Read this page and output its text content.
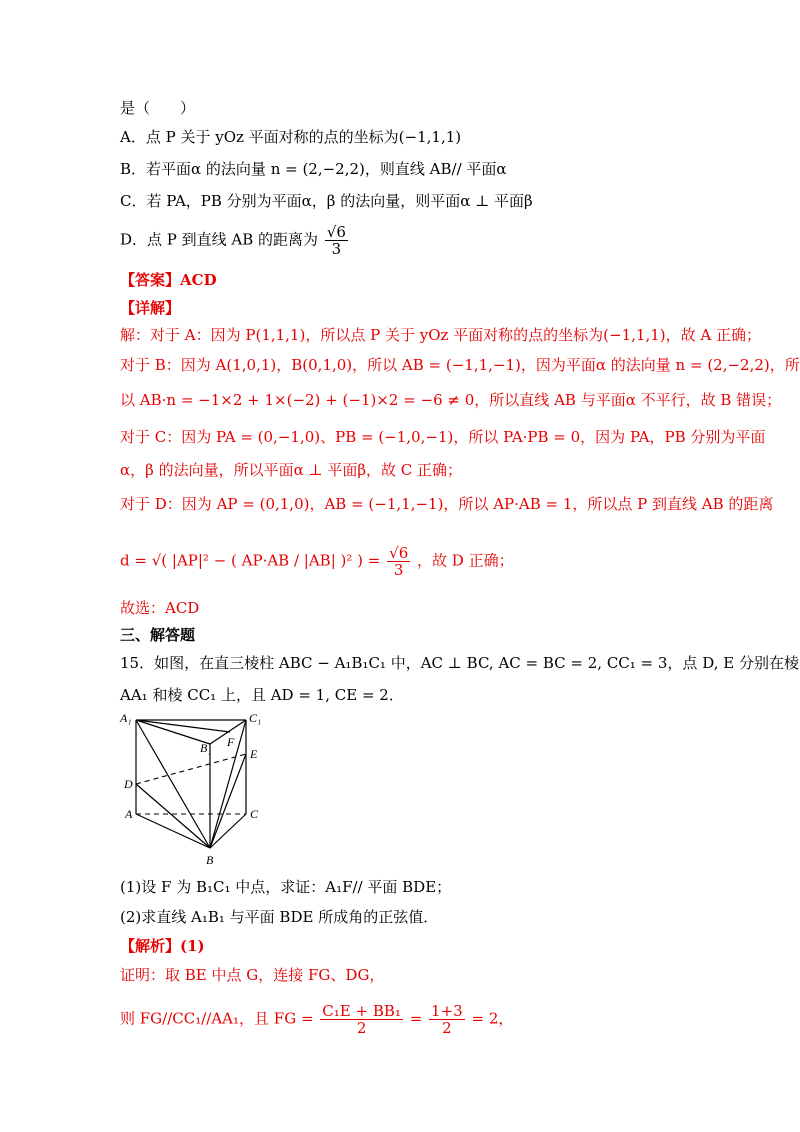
是（　　）
A．点 P 关于 yOz 平面对称的点的坐标为(−1,1,1)
B．若平面α 的法向量 n = (2,−2,2)，则直线 AB// 平面α
C．若 PA，PB 分别为平面α，β 的法向量，则平面α ⊥ 平面β
D．点 P 到直线 AB 的距离为 $\frac{√6}{3}$
【答案】ACD
【详解】
解：对于 A：因为 P(1,1,1)，所以点 P 关于 yOz 平面对称的点的坐标为(−1,1,1)，故 A 正确；
对于 B：因为 A(1,0,1)，B(0,1,0)，所以 AB = (−1,1,−1)，因为平面α 的法向量 n = (2,−2,2)，所
以 AB·n = −1×2 + 1×(−2) + (−1)×2 = −6 ≠ 0，所以直线 AB 与平面α 不平行，故 B 错误；
对于 C：因为 PA = (0,−1,0)、PB = (−1,0,−1)，所以 PA·PB = 0，因为 PA，PB 分别为平面
α，β 的法向量，所以平面α ⊥ 平面β，故 C 正确；
对于 D：因为 AP = (0,1,0)，AB = (−1,1,−1)，所以 AP·AB = 1，所以点 P 到直线 AB 的距离
d = √( |AP|² − ( AP·AB / |AB| )² ) = $\frac{√6}{3}$ ，故 D 正确；
故选：ACD
三、解答题
15．如图，在直三棱柱 ABC − A₁B₁C₁ 中，AC ⊥ BC, AC = BC = 2, CC₁ = 3，点 D, E 分别在棱
AA₁ 和棱 CC₁ 上，且 AD = 1, CE = 2．
A₁	C₁
B₁ F
E
D
A	C
B
(1)设 F 为 B₁C₁ 中点，求证：A₁F// 平面 BDE；
(2)求直线 A₁B₁ 与平面 BDE 所成角的正弦值．
【解析】(1)
证明：取 BE 中点 G，连接 FG、DG，
则 FG//CC₁//AA₁，且 FG = $\frac{\text{C₁E + BB₁}}{2} = \frac{1+3}{2} = 2$，
